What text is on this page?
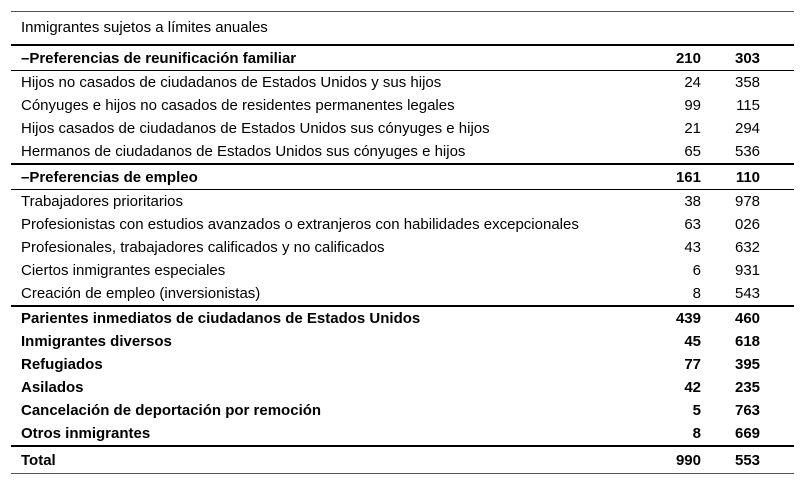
Inmigrantes sujetos a límites anuales		
–Preferencias de reunificación familiar	210	303
Hijos no casados de ciudadanos de Estados Unidos y sus hijos	24	358
Cónyuges e hijos no casados de residentes permanentes legales	99	115
Hijos casados de ciudadanos de Estados Unidos sus cónyuges e hijos	21	294
Hermanos de ciudadanos de Estados Unidos sus cónyuges e hijos	65	536
–Preferencias de empleo	161	110
Trabajadores prioritarios	38	978
Profesionistas con estudios avanzados o extranjeros con habilidades excepcionales	63	026
Profesionales, trabajadores calificados y no calificados	43	632
Ciertos inmigrantes especiales	6	931
Creación de empleo (inversionistas)	8	543
Parientes inmediatos de ciudadanos de Estados Unidos	439	460
Inmigrantes diversos	45	618
Refugiados	77	395
Asilados	42	235
Cancelación de deportación por remoción	5	763
Otros inmigrantes	8	669
Total	990	553
